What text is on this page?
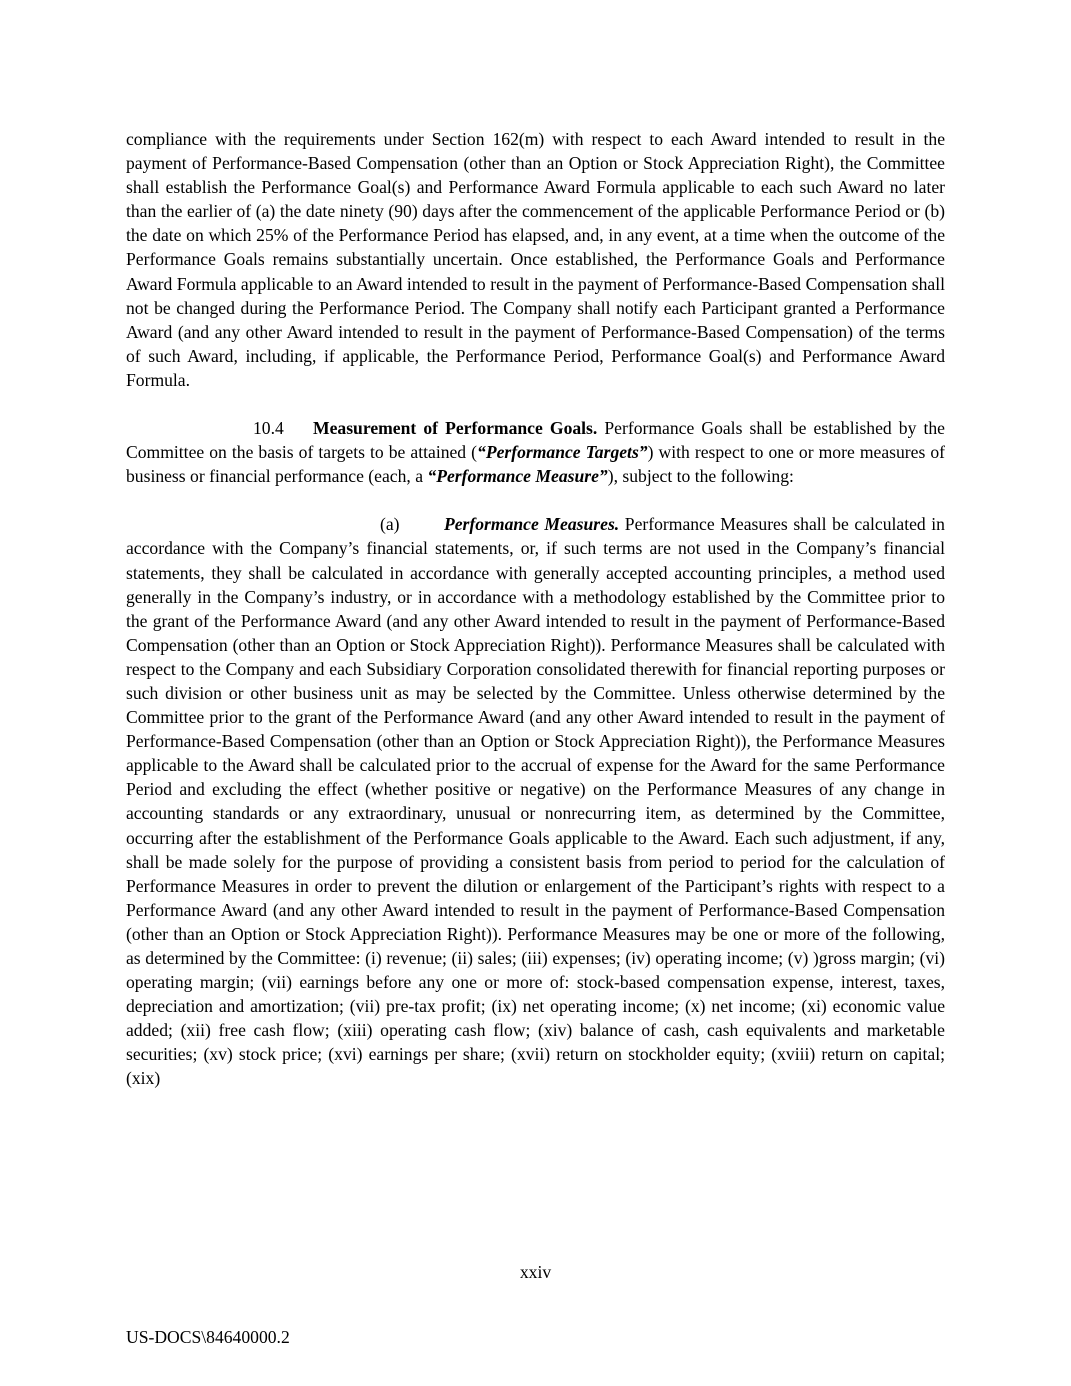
compliance with the requirements under Section 162(m) with respect to each Award intended to result in the payment of Performance-Based Compensation (other than an Option or Stock Appreciation Right), the Committee shall establish the Performance Goal(s) and Performance Award Formula applicable to each such Award no later than the earlier of (a) the date ninety (90) days after the commencement of the applicable Performance Period or (b) the date on which 25% of the Performance Period has elapsed, and, in any event, at a time when the outcome of the Performance Goals remains substantially uncertain. Once established, the Performance Goals and Performance Award Formula applicable to an Award intended to result in the payment of Performance-Based Compensation shall not be changed during the Performance Period. The Company shall notify each Participant granted a Performance Award (and any other Award intended to result in the payment of Performance-Based Compensation) of the terms of such Award, including, if applicable, the Performance Period, Performance Goal(s) and Performance Award Formula.

10.4 Measurement of Performance Goals. Performance Goals shall be established by the Committee on the basis of targets to be attained (“Performance Targets”) with respect to one or more measures of business or financial performance (each, a “Performance Measure”), subject to the following:

(a)	Performance Measures. Performance Measures shall be calculated in accordance with the Company’s financial statements, or, if such terms are not used in the Company’s financial statements, they shall be calculated in accordance with generally accepted accounting principles, a method used generally in the Company’s industry, or in accordance with a methodology established by the Committee prior to the grant of the Performance Award (and any other Award intended to result in the payment of Performance-Based Compensation (other than an Option or Stock Appreciation Right)). Performance Measures shall be calculated with respect to the Company and each Subsidiary Corporation consolidated therewith for financial reporting purposes or such division or other business unit as may be selected by the Committee. Unless otherwise determined by the Committee prior to the grant of the Performance Award (and any other Award intended to result in the payment of Performance-Based Compensation (other than an Option or Stock Appreciation Right)), the Performance Measures applicable to the Award shall be calculated prior to the accrual of expense for the Award for the same Performance Period and excluding the effect (whether positive or negative) on the Performance Measures of any change in accounting standards or any extraordinary, unusual or nonrecurring item, as determined by the Committee, occurring after the establishment of the Performance Goals applicable to the Award. Each such adjustment, if any, shall be made solely for the purpose of providing a consistent basis from period to period for the calculation of Performance Measures in order to prevent the dilution or enlargement of the Participant’s rights with respect to a Performance Award (and any other Award intended to result in the payment of Performance-Based Compensation (other than an Option or Stock Appreciation Right)). Performance Measures may be one or more of the following, as determined by the Committee: (i) revenue; (ii) sales; (iii) expenses; (iv) operating income; (v) )gross margin; (vi) operating margin; (vii) earnings before any one or more of: stock-based compensation expense, interest, taxes, depreciation and amortization; (vii) pre-tax profit; (ix) net operating income; (x) net income; (xi) economic value added; (xii) free cash flow; (xiii) operating cash flow; (xiv) balance of cash, cash equivalents and marketable securities; (xv) stock price; (xvi) earnings per share; (xvii) return on stockholder equity; (xviii) return on capital; (xix)

xxiv
US-DOCS\84640000.2
